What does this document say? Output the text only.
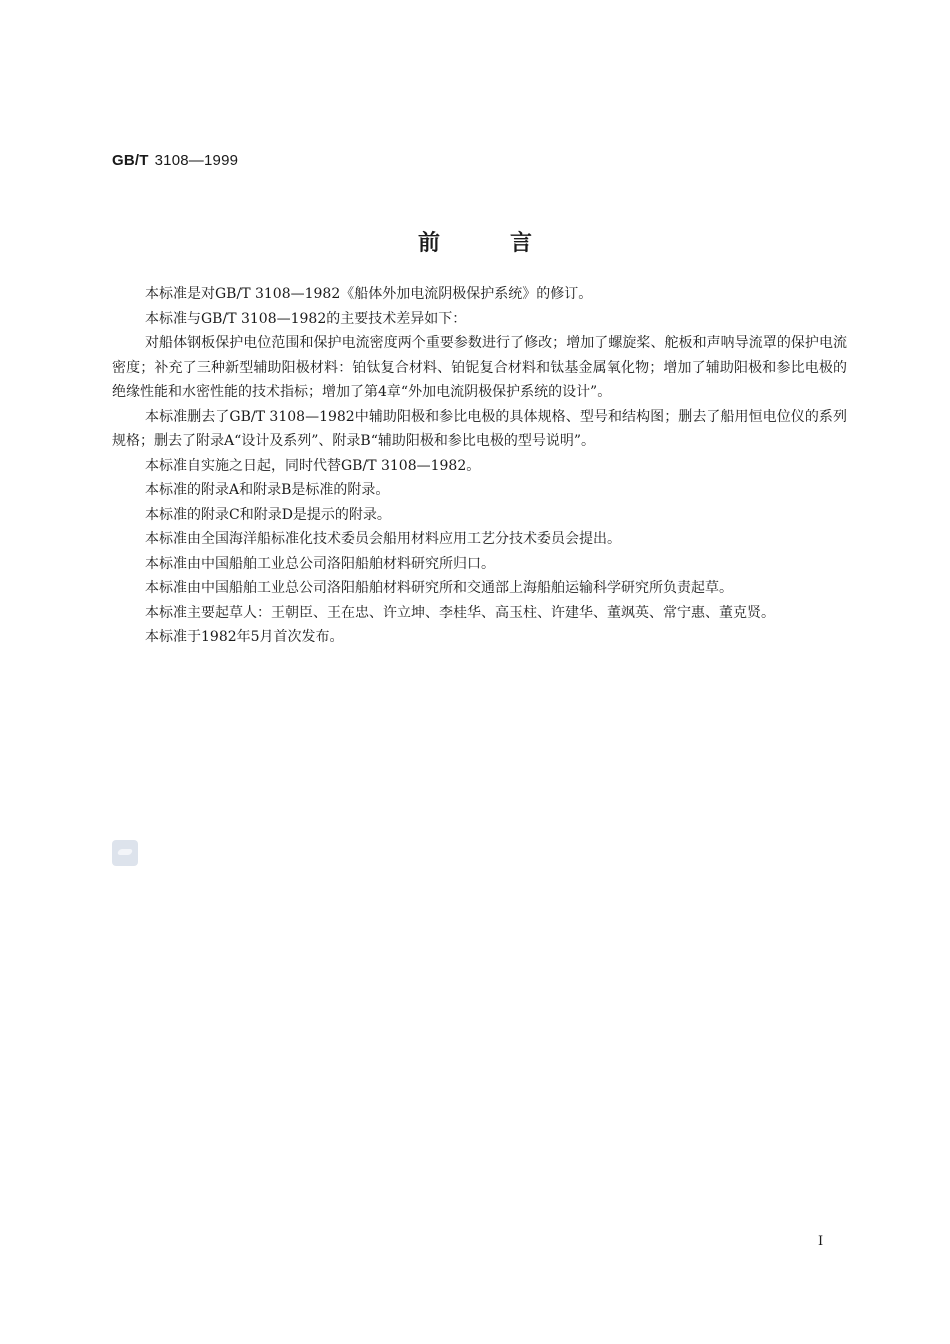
GB/T 3108—1999
前言

本标准是对GB/T 3108—1982《船体外加电流阴极保护系统》的修订。

本标准与GB/T 3108—1982的主要技术差异如下：

对船体钢板保护电位范围和保护电流密度两个重要参数进行了修改；增加了螺旋桨、舵板和声呐导流罩的保护电流密度；补充了三种新型辅助阳极材料：铂钛复合材料、铂铌复合材料和钛基金属氧化物；增加了辅助阳极和参比电极的绝缘性能和水密性能的技术指标；增加了第4章“外加电流阴极保护系统的设计”。

本标准删去了GB/T 3108—1982中辅助阳极和参比电极的具体规格、型号和结构图；删去了船用恒电位仪的系列规格；删去了附录A“设计及系列”、附录B“辅助阳极和参比电极的型号说明”。

本标准自实施之日起，同时代替GB/T 3108—1982。

本标准的附录A和附录B是标准的附录。

本标准的附录C和附录D是提示的附录。

本标准由全国海洋船标准化技术委员会船用材料应用工艺分技术委员会提出。

本标准由中国船舶工业总公司洛阳船舶材料研究所归口。

本标准由中国船舶工业总公司洛阳船舶材料研究所和交通部上海船舶运输科学研究所负责起草。

本标准主要起草人：王朝臣、王在忠、许立坤、李桂华、高玉柱、许建华、董飒英、常宁惠、董克贤。

本标准于1982年5月首次发布。

I
